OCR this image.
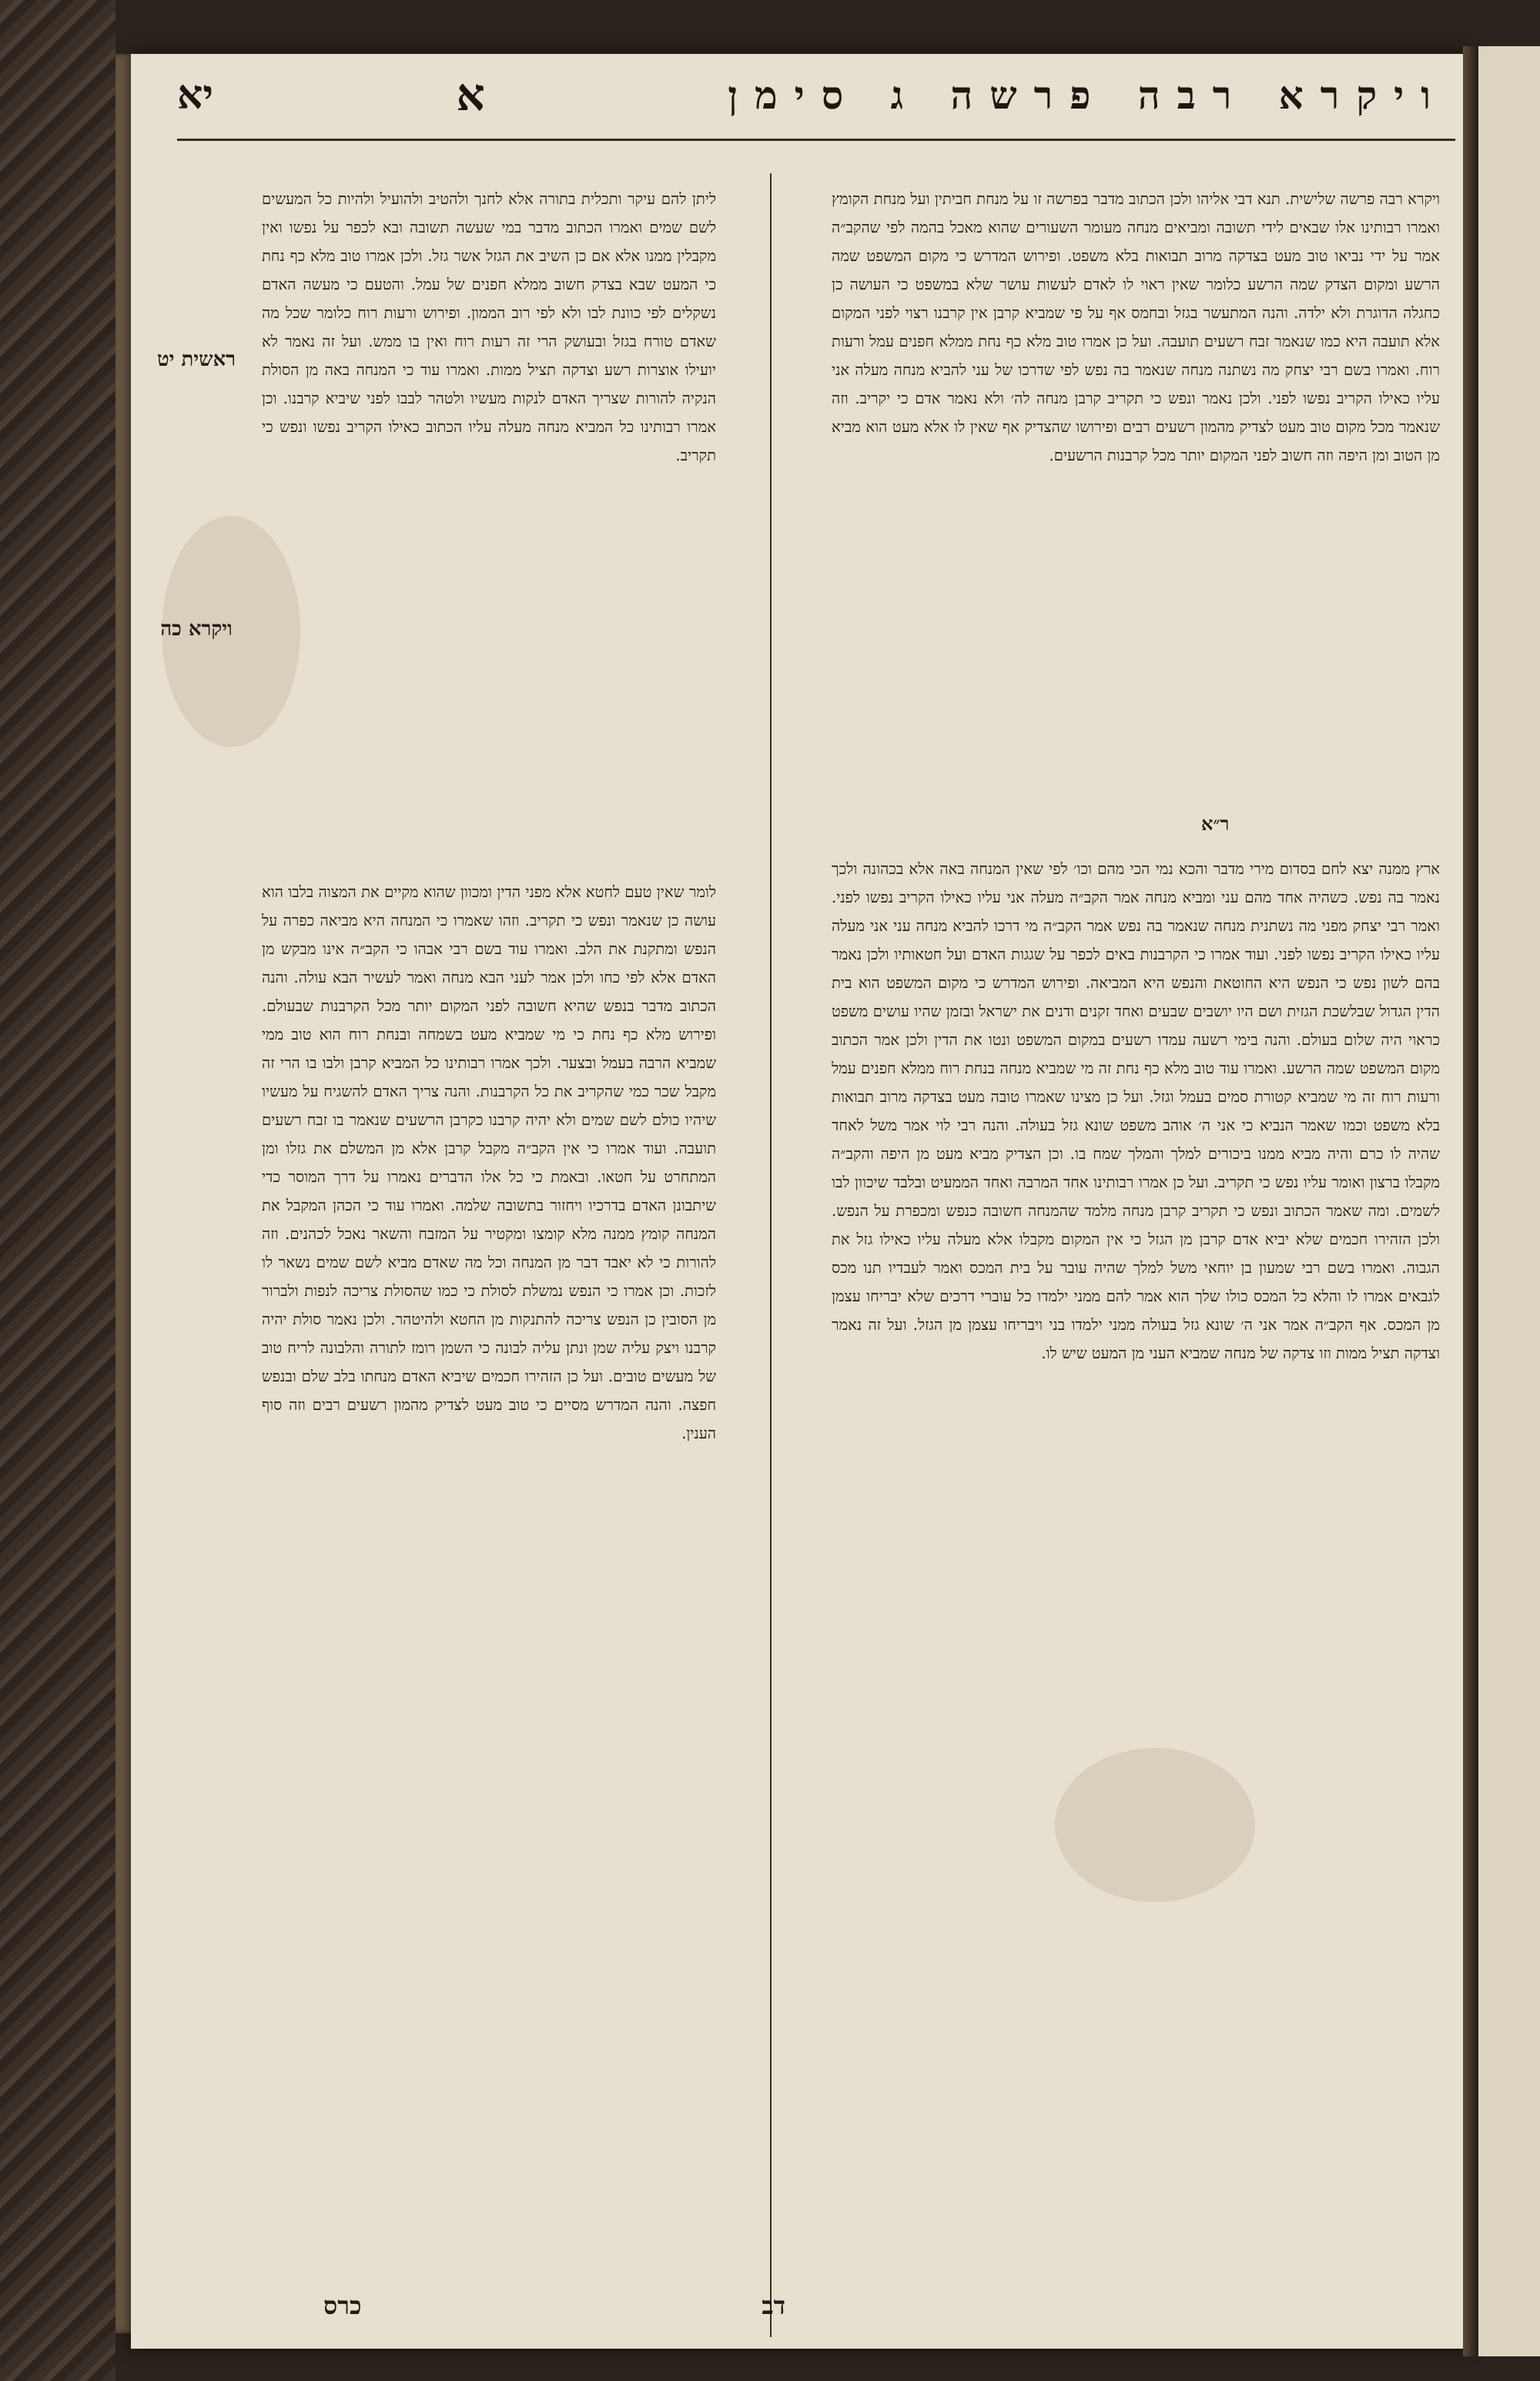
ויקרא רבה פרשה ג סימן
א
יא
ויקרא רבה פרשה שלישית. תנא דבי אליהו ולכן הכתוב מדבר בפרשה זו על מנחת חביתין ועל מנחת הקומץ ואמרו רבותינו אלו שבאים לידי תשובה ומביאים מנחה מעומר השעורים שהוא מאכל בהמה לפי שהקב״ה אמר על ידי נביאו טוב מעט בצדקה מרוב תבואות בלא משפט. ופירוש המדרש כי מקום המשפט שמה הרשע ומקום הצדק שמה הרשע כלומר שאין ראוי לו לאדם לעשות עושר שלא במשפט כי העושה כן כחגלה הדוגרת ולא ילדה. והנה המתעשר בגזל ובחמס אף על פי שמביא קרבן אין קרבנו רצוי לפני המקום אלא תועבה היא כמו שנאמר זבח רשעים תועבה. ועל כן אמרו טוב מלא כף נחת ממלא חפנים עמל ורעות רוח. ואמרו בשם רבי יצחק מה נשתנה מנחה שנאמר בה נפש לפי שדרכו של עני להביא מנחה מעלה אני עליו כאילו הקריב נפשו לפני. ולכן נאמר ונפש כי תקריב קרבן מנחה לה׳ ולא נאמר אדם כי יקריב. וזה שנאמר מכל מקום טוב מעט לצדיק מהמון רשעים רבים ופירושו שהצדיק אף שאין לו אלא מעט הוא מביא מן הטוב ומן היפה וזה חשוב לפני המקום יותר מכל קרבנות הרשעים.
ליתן להם עיקר ותכלית בתורה אלא לחנך ולהטיב ולהועיל ולהיות כל המעשים לשם שמים ואמרו הכתוב מדבר במי שעשה תשובה ובא לכפר על נפשו ואין מקבלין ממנו אלא אם כן השיב את הגזל אשר גזל. ולכן אמרו טוב מלא כף נחת כי המעט שבא בצדק חשוב ממלא חפנים של עמל. והטעם כי מעשה האדם נשקלים לפי כוונת לבו ולא לפי רוב הממון. ופירוש ורעות רוח כלומר שכל מה שאדם טורח בגזל ובעושק הרי זה רעות רוח ואין בו ממש. ועל זה נאמר לא יועילו אוצרות רשע וצדקה תציל ממות. ואמרו עוד כי המנחה באה מן הסולת הנקיה להורות שצריך האדם לנקות מעשיו ולטהר לבבו לפני שיביא קרבנו. וכן אמרו רבותינו כל המביא מנחה מעלה עליו הכתוב כאילו הקריב נפשו ונפש כי תקריב.
ר״א
ארץ ממנה יצא לחם בסדום מירי מדבר והכא נמי הכי מהם וכו׳ לפי שאין המנחה באה אלא בכהונה ולכך נאמר בה נפש. כשהיה אחד מהם עני ומביא מנחה אמר הקב״ה מעלה אני עליו כאילו הקריב נפשו לפני. ואמר רבי יצחק מפני מה נשתנית מנחה שנאמר בה נפש אמר הקב״ה מי דרכו להביא מנחה עני אני מעלה עליו כאילו הקריב נפשו לפני. ועוד אמרו כי הקרבנות באים לכפר על שגגות האדם ועל חטאותיו ולכן נאמר בהם לשון נפש כי הנפש היא החוטאת והנפש היא המביאה. ופירוש המדרש כי מקום המשפט הוא בית הדין הגדול שבלשכת הגזית ושם היו יושבים שבעים ואחד זקנים ודנים את ישראל ובזמן שהיו עושים משפט כראוי היה שלום בעולם. והנה בימי רשעה עמדו רשעים במקום המשפט ונטו את הדין ולכן אמר הכתוב מקום המשפט שמה הרשע. ואמרו עוד טוב מלא כף נחת זה מי שמביא מנחה בנחת רוח ממלא חפנים עמל ורעות רוח זה מי שמביא קטורת סמים בעמל וגזל. ועל כן מצינו שאמרו טובה מעט בצדקה מרוב תבואות בלא משפט וכמו שאמר הנביא כי אני ה׳ אוהב משפט שונא גזל בעולה. והנה רבי לוי אמר משל לאחד שהיה לו כרם והיה מביא ממנו ביכורים למלך והמלך שמח בו. וכן הצדיק מביא מעט מן היפה והקב״ה מקבלו ברצון ואומר עליו נפש כי תקריב. ועל כן אמרו רבותינו אחד המרבה ואחד הממעיט ובלבד שיכוון לבו לשמים. ומה שאמר הכתוב ונפש כי תקריב קרבן מנחה מלמד שהמנחה חשובה כנפש ומכפרת על הנפש. ולכן הזהירו חכמים שלא יביא אדם קרבן מן הגזל כי אין המקום מקבלו אלא מעלה עליו כאילו גזל את הגבוה. ואמרו בשם רבי שמעון בן יוחאי משל למלך שהיה עובר על בית המכס ואמר לעבדיו תנו מכס לגבאים אמרו לו והלא כל המכס כולו שלך הוא אמר להם ממני ילמדו כל עוברי דרכים שלא יבריחו עצמן מן המכס. אף הקב״ה אמר אני ה׳ שונא גזל בעולה ממני ילמדו בני ויבריחו עצמן מן הגזל. ועל זה נאמר וצדקה תציל ממות וזו צדקה של מנחה שמביא העני מן המעט שיש לו.
לומר שאין טעם לחטא אלא מפני הדין ומכוון שהוא מקיים את המצוה בלבו הוא עושה כן שנאמר ונפש כי תקריב. וזהו שאמרו כי המנחה היא מביאה כפרה על הנפש ומתקנת את הלב. ואמרו עוד בשם רבי אבהו כי הקב״ה אינו מבקש מן האדם אלא לפי כחו ולכן אמר לעני הבא מנחה ואמר לעשיר הבא עולה. והנה הכתוב מדבר בנפש שהיא חשובה לפני המקום יותר מכל הקרבנות שבעולם. ופירוש מלא כף נחת כי מי שמביא מעט בשמחה ובנחת רוח הוא טוב ממי שמביא הרבה בעמל ובצער. ולכך אמרו רבותינו כל המביא קרבן ולבו בו הרי זה מקבל שכר כמי שהקריב את כל הקרבנות. והנה צריך האדם להשגיח על מעשיו שיהיו כולם לשם שמים ולא יהיה קרבנו כקרבן הרשעים שנאמר בו זבח רשעים תועבה. ועוד אמרו כי אין הקב״ה מקבל קרבן אלא מן המשלם את גזלו ומן המתחרט על חטאו. ובאמת כי כל אלו הדברים נאמרו על דרך המוסר כדי שיתבונן האדם בדרכיו ויחזור בתשובה שלמה. ואמרו עוד כי הכהן המקבל את המנחה קומץ ממנה מלא קומצו ומקטיר על המזבח והשאר נאכל לכהנים. וזה להורות כי לא יאבד דבר מן המנחה וכל מה שאדם מביא לשם שמים נשאר לו לזכות. וכן אמרו כי הנפש נמשלת לסולת כי כמו שהסולת צריכה לנפות ולברור מן הסובין כן הנפש צריכה להתנקות מן החטא ולהיטהר. ולכן נאמר סולת יהיה קרבנו ויצק עליה שמן ונתן עליה לבונה כי השמן רומז לתורה והלבונה לריח טוב של מעשים טובים. ועל כן הזהירו חכמים שיביא האדם מנחתו בלב שלם ובנפש חפצה. והנה המדרש מסיים כי טוב מעט לצדיק מהמון רשעים רבים וזה סוף הענין.
ראשית יט
ויקרא כה
דב
כרס
